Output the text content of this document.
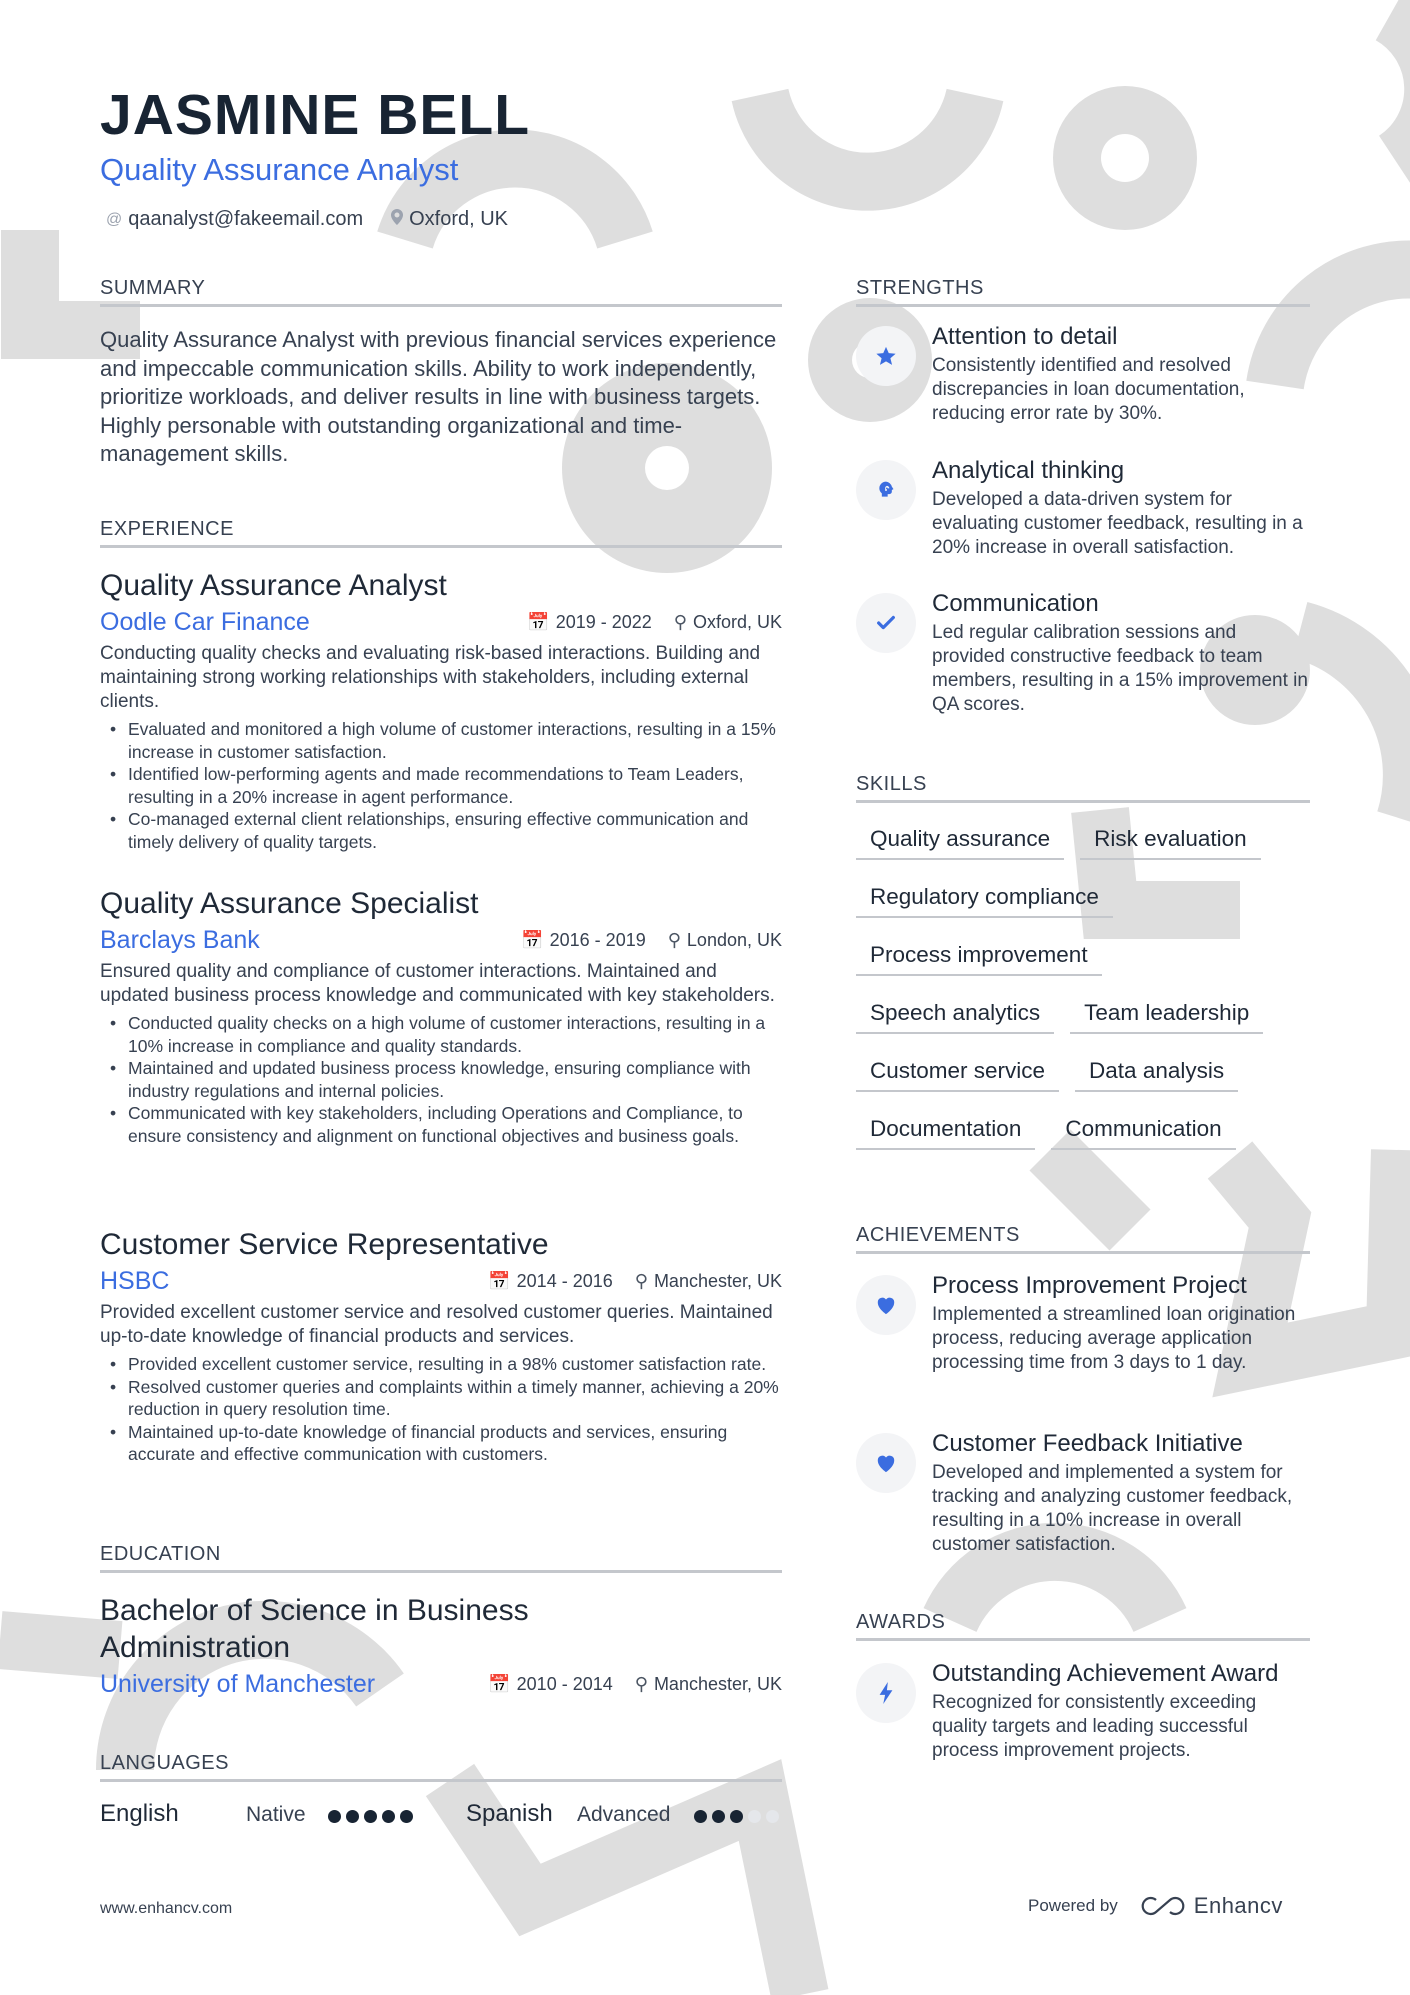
JASMINE BELL
Quality Assurance Analyst
@ qaanalyst@fakeemail.com Oxford, UK
SUMMARY
Quality Assurance Analyst with previous financial services experience and impeccable communication skills. Ability to work independently, prioritize workloads, and deliver results in line with business targets. Highly personable with outstanding organizational and time-management skills.
EXPERIENCE
Quality Assurance Analyst
Oodle Car Finance	📅 2019 - 2022 ⚲ Oxford, UK
Conducting quality checks and evaluating risk-based interactions. Building and maintaining strong working relationships with stakeholders, including external clients.
• Evaluated and monitored a high volume of customer interactions, resulting in a 15% increase in customer satisfaction.
• Identified low-performing agents and made recommendations to Team Leaders, resulting in a 20% increase in agent performance.
• Co-managed external client relationships, ensuring effective communication and timely delivery of quality targets.
Quality Assurance Specialist
Barclays Bank	📅 2016 - 2019 ⚲ London, UK
Ensured quality and compliance of customer interactions. Maintained and updated business process knowledge and communicated with key stakeholders.
• Conducted quality checks on a high volume of customer interactions, resulting in a 10% increase in compliance and quality standards.
• Maintained and updated business process knowledge, ensuring compliance with industry regulations and internal policies.
• Communicated with key stakeholders, including Operations and Compliance, to ensure consistency and alignment on functional objectives and business goals.
Customer Service Representative
HSBC	📅 2014 - 2016 ⚲ Manchester, UK
Provided excellent customer service and resolved customer queries. Maintained up-to-date knowledge of financial products and services.
• Provided excellent customer service, resulting in a 98% customer satisfaction rate.
• Resolved customer queries and complaints within a timely manner, achieving a 20% reduction in query resolution time.
• Maintained up-to-date knowledge of financial products and services, ensuring accurate and effective communication with customers.
EDUCATION
Bachelor of Science in Business Administration
University of Manchester	📅 2010 - 2014 ⚲ Manchester, UK
LANGUAGES
English	Native	Spanish Advanced
STRENGTHS
Attention to detail
Consistently identified and resolved discrepancies in loan documentation, reducing error rate by 30%.
Analytical thinking
Developed a data-driven system for evaluating customer feedback, resulting in a 20% increase in overall satisfaction.
Communication
Led regular calibration sessions and provided constructive feedback to team members, resulting in a 15% improvement in QA scores.
SKILLS
Quality assurance	Risk evaluation
Regulatory compliance
Process improvement
Speech analytics	Team leadership
Customer service	Data analysis
Documentation	Communication
ACHIEVEMENTS
Process Improvement Project
Implemented a streamlined loan origination process, reducing average application processing time from 3 days to 1 day.
Customer Feedback Initiative
Developed and implemented a system for tracking and analyzing customer feedback, resulting in a 10% increase in overall customer satisfaction.
AWARDS
Outstanding Achievement Award
Recognized for consistently exceeding quality targets and leading successful process improvement projects.
www.enhancv.com	Powered by	Enhancv
